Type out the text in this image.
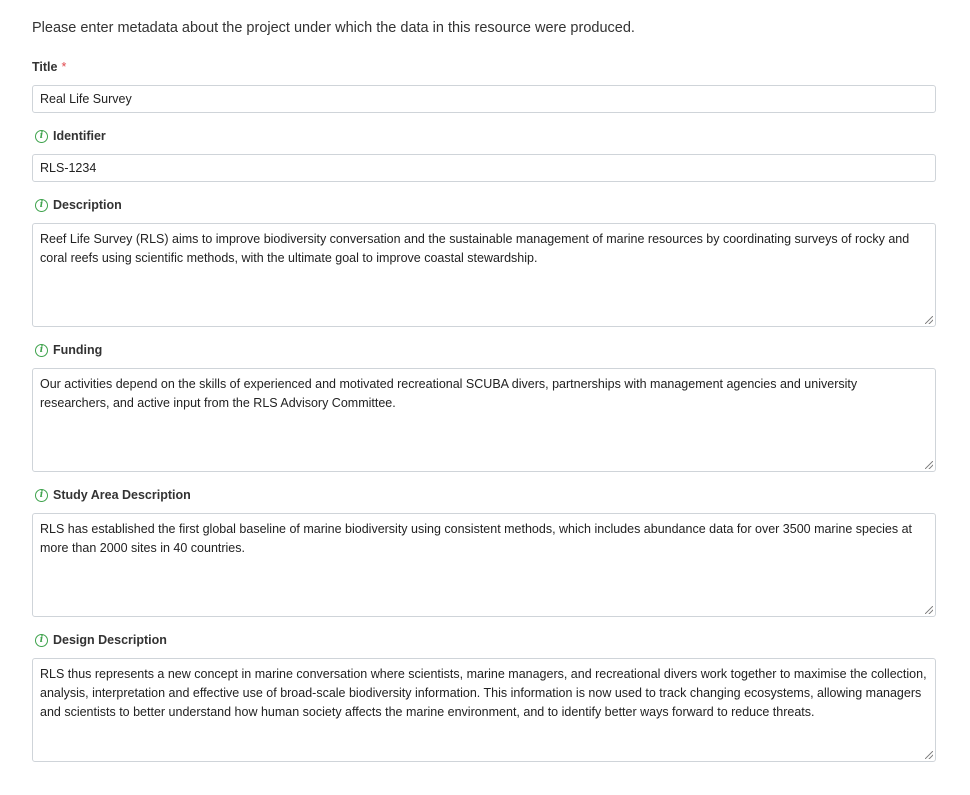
Please enter metadata about the project under which the data in this resource were produced.
Title *
Real Life Survey
i Identifier
RLS-1234
i Description
Reef Life Survey (RLS) aims to improve biodiversity conversation and the sustainable management of marine resources by coordinating surveys of rocky and coral reefs using scientific methods, with the ultimate goal to improve coastal stewardship.
i Funding
Our activities depend on the skills of experienced and motivated recreational SCUBA divers, partnerships with management agencies and university researchers, and active input from the RLS Advisory Committee.
i Study Area Description
RLS has established the first global baseline of marine biodiversity using consistent methods, which includes abundance data for over 3500 marine species at more than 2000 sites in 40 countries.
i Design Description
RLS thus represents a new concept in marine conversation where scientists, marine managers, and recreational divers work together to maximise the collection, analysis, interpretation and effective use of broad-scale biodiversity information. This information is now used to track changing ecosystems, allowing managers and scientists to better understand how human society affects the marine environment, and to identify better ways forward to reduce threats.
